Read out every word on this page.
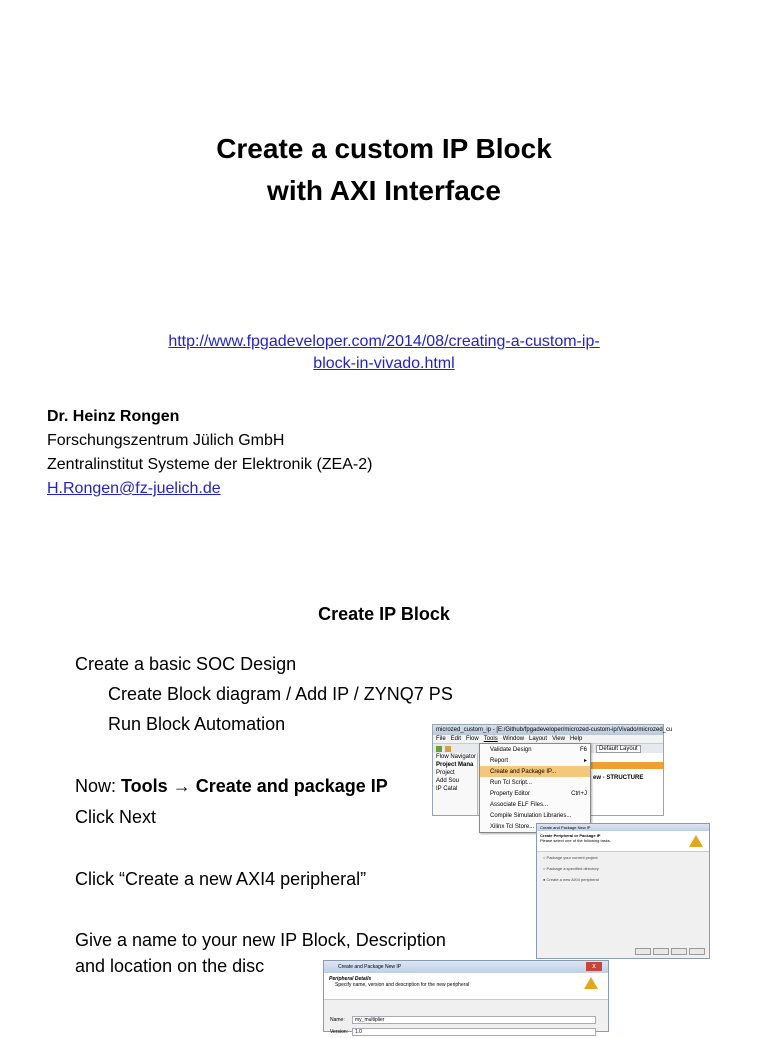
Create a custom IP Block
with AXI Interface
http://www.fpgadeveloper.com/2014/08/creating-a-custom-ip-
block-in-vivado.html
Dr. Heinz Rongen
Forschungszentrum Jülich GmbH
Zentralinstitut Systeme der Elektronik (ZEA-2)
H.Rongen@fz-juelich.de
Create IP Block
Create a basic SOC Design
Create Block diagram / Add IP / ZYNQ7 PS
Run Block Automation
Now: Tools → Create and package IP
Click Next
Click “Create a new AXI4 peripheral”
Give a name to your new IP Block, Description
and location on the disc
microzed_custom_ip - [E:/Github/fpgadeveloper/microzed-custom-ip/Vivado/microzed_cu
File Edit Flow Tools Window Layout View Help
Default Layout
Flow Navigator
Project Mana
Project
Add Sou
IP Catal
ew - STRUCTURE
Validate Design	F6
Report	▸
Create and Package IP...
Run Tcl Script...
Property Editor	Ctrl+J
Associate ELF Files...
Compile Simulation Libraries...
Xilinx Tcl Store...	Create and Package New IP
Create Peripheral or Package IP
Please select one of the following tasks.
○ Package your current project
○ Package a specified directory
● Create a new AXI4 peripheral
Create and Package New IP	x
Peripheral Details
Specify name, version and description for the new peripheral
Name:	my_multiplier
Version:	1.0
